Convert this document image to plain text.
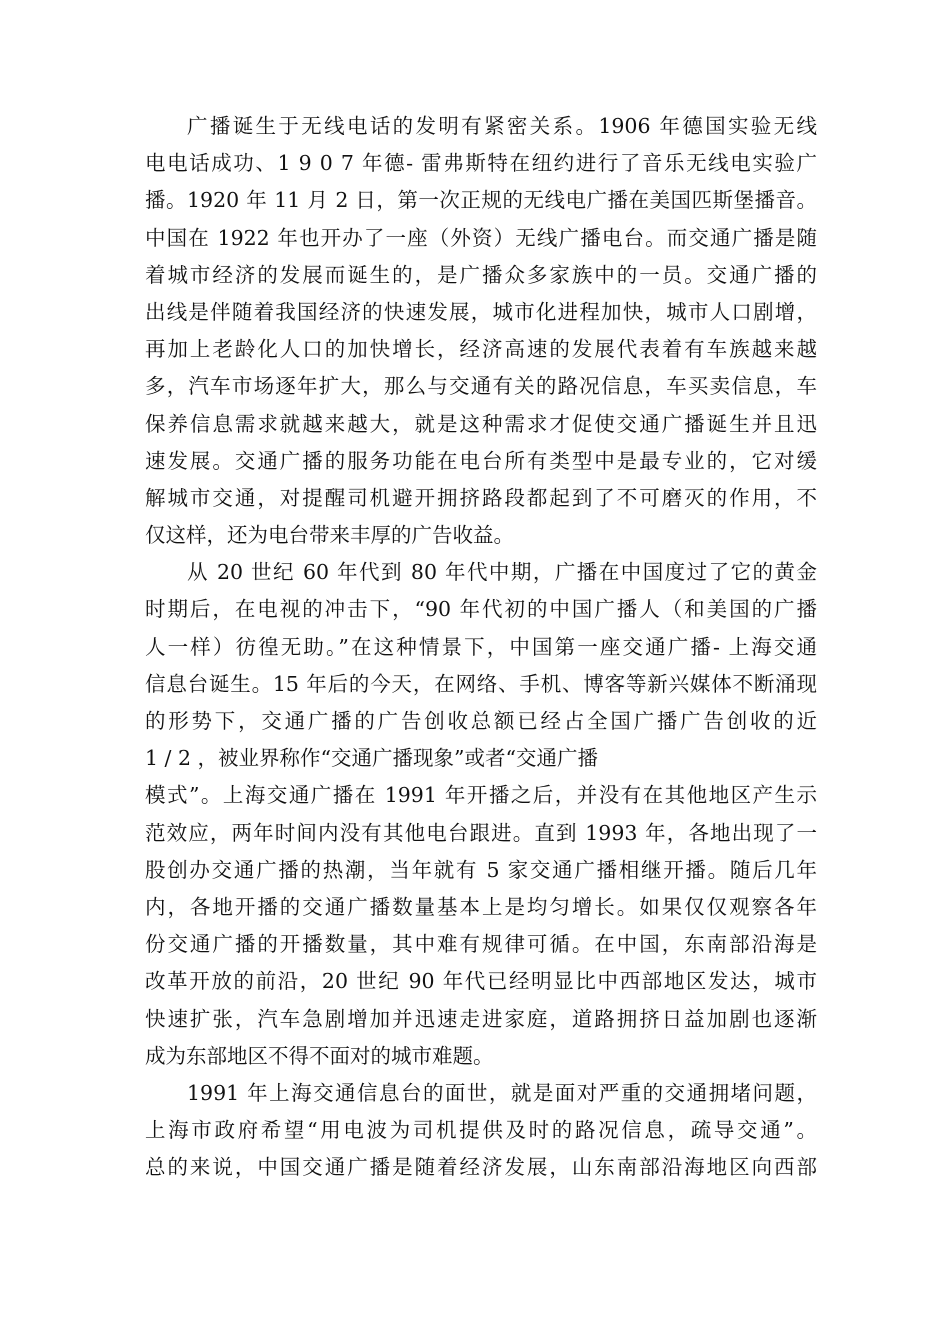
广播诞生于无线电话的发明有紧密关系。1906 年德国实验无线
电电话成功、1 9 0 7 年德- 雷弗斯特在纽约进行了音乐无线电实验广
播。1920 年 11 月 2 日，第一次正规的无线电广播在美国匹斯堡播音。
中国在 1922 年也开办了一座（外资）无线广播电台。而交通广播是随
着城市经济的发展而诞生的，是广播众多家族中的一员。交通广播的
出线是伴随着我国经济的快速发展，城市化进程加快，城市人口剧增，
再加上老龄化人口的加快增长，经济高速的发展代表着有车族越来越
多，汽车市场逐年扩大，那么与交通有关的路况信息，车买卖信息，车
保养信息需求就越来越大，就是这种需求才促使交通广播诞生并且迅
速发展。交通广播的服务功能在电台所有类型中是最专业的，它对缓
解城市交通，对提醒司机避开拥挤路段都起到了不可磨灭的作用，不
仅这样，还为电台带来丰厚的广告收益。
从 20 世纪 60 年代到 80 年代中期，广播在中国度过了它的黄金
时期后，在电视的冲击下，“90 年代初的中国广播人（和美国的广播
人一样）彷徨无助。”在这种情景下，中国第一座交通广播- 上海交通
信息台诞生。15 年后的今天，在网络、手机、博客等新兴媒体不断涌现
的形势下，交通广播的广告创收总额已经占全国广播广告创收的近
1 / 2 ，被业界称作“交通广播现象”或者“交通广播
模式”。上海交通广播在 1991 年开播之后，并没有在其他地区产生示
范效应，两年时间内没有其他电台跟进。直到 1993 年，各地出现了一
股创办交通广播的热潮，当年就有 5 家交通广播相继开播。随后几年
内，各地开播的交通广播数量基本上是均匀增长。如果仅仅观察各年
份交通广播的开播数量，其中难有规律可循。在中国，东南部沿海是
改革开放的前沿，20 世纪 90 年代已经明显比中西部地区发达，城市
快速扩张，汽车急剧增加并迅速走进家庭，道路拥挤日益加剧也逐渐
成为东部地区不得不面对的城市难题。
1991 年上海交通信息台的面世，就是面对严重的交通拥堵问题，
上海市政府希望“用电波为司机提供及时的路况信息，疏导交通”。
总的来说，中国交通广播是随着经济发展，山东南部沿海地区向西部
